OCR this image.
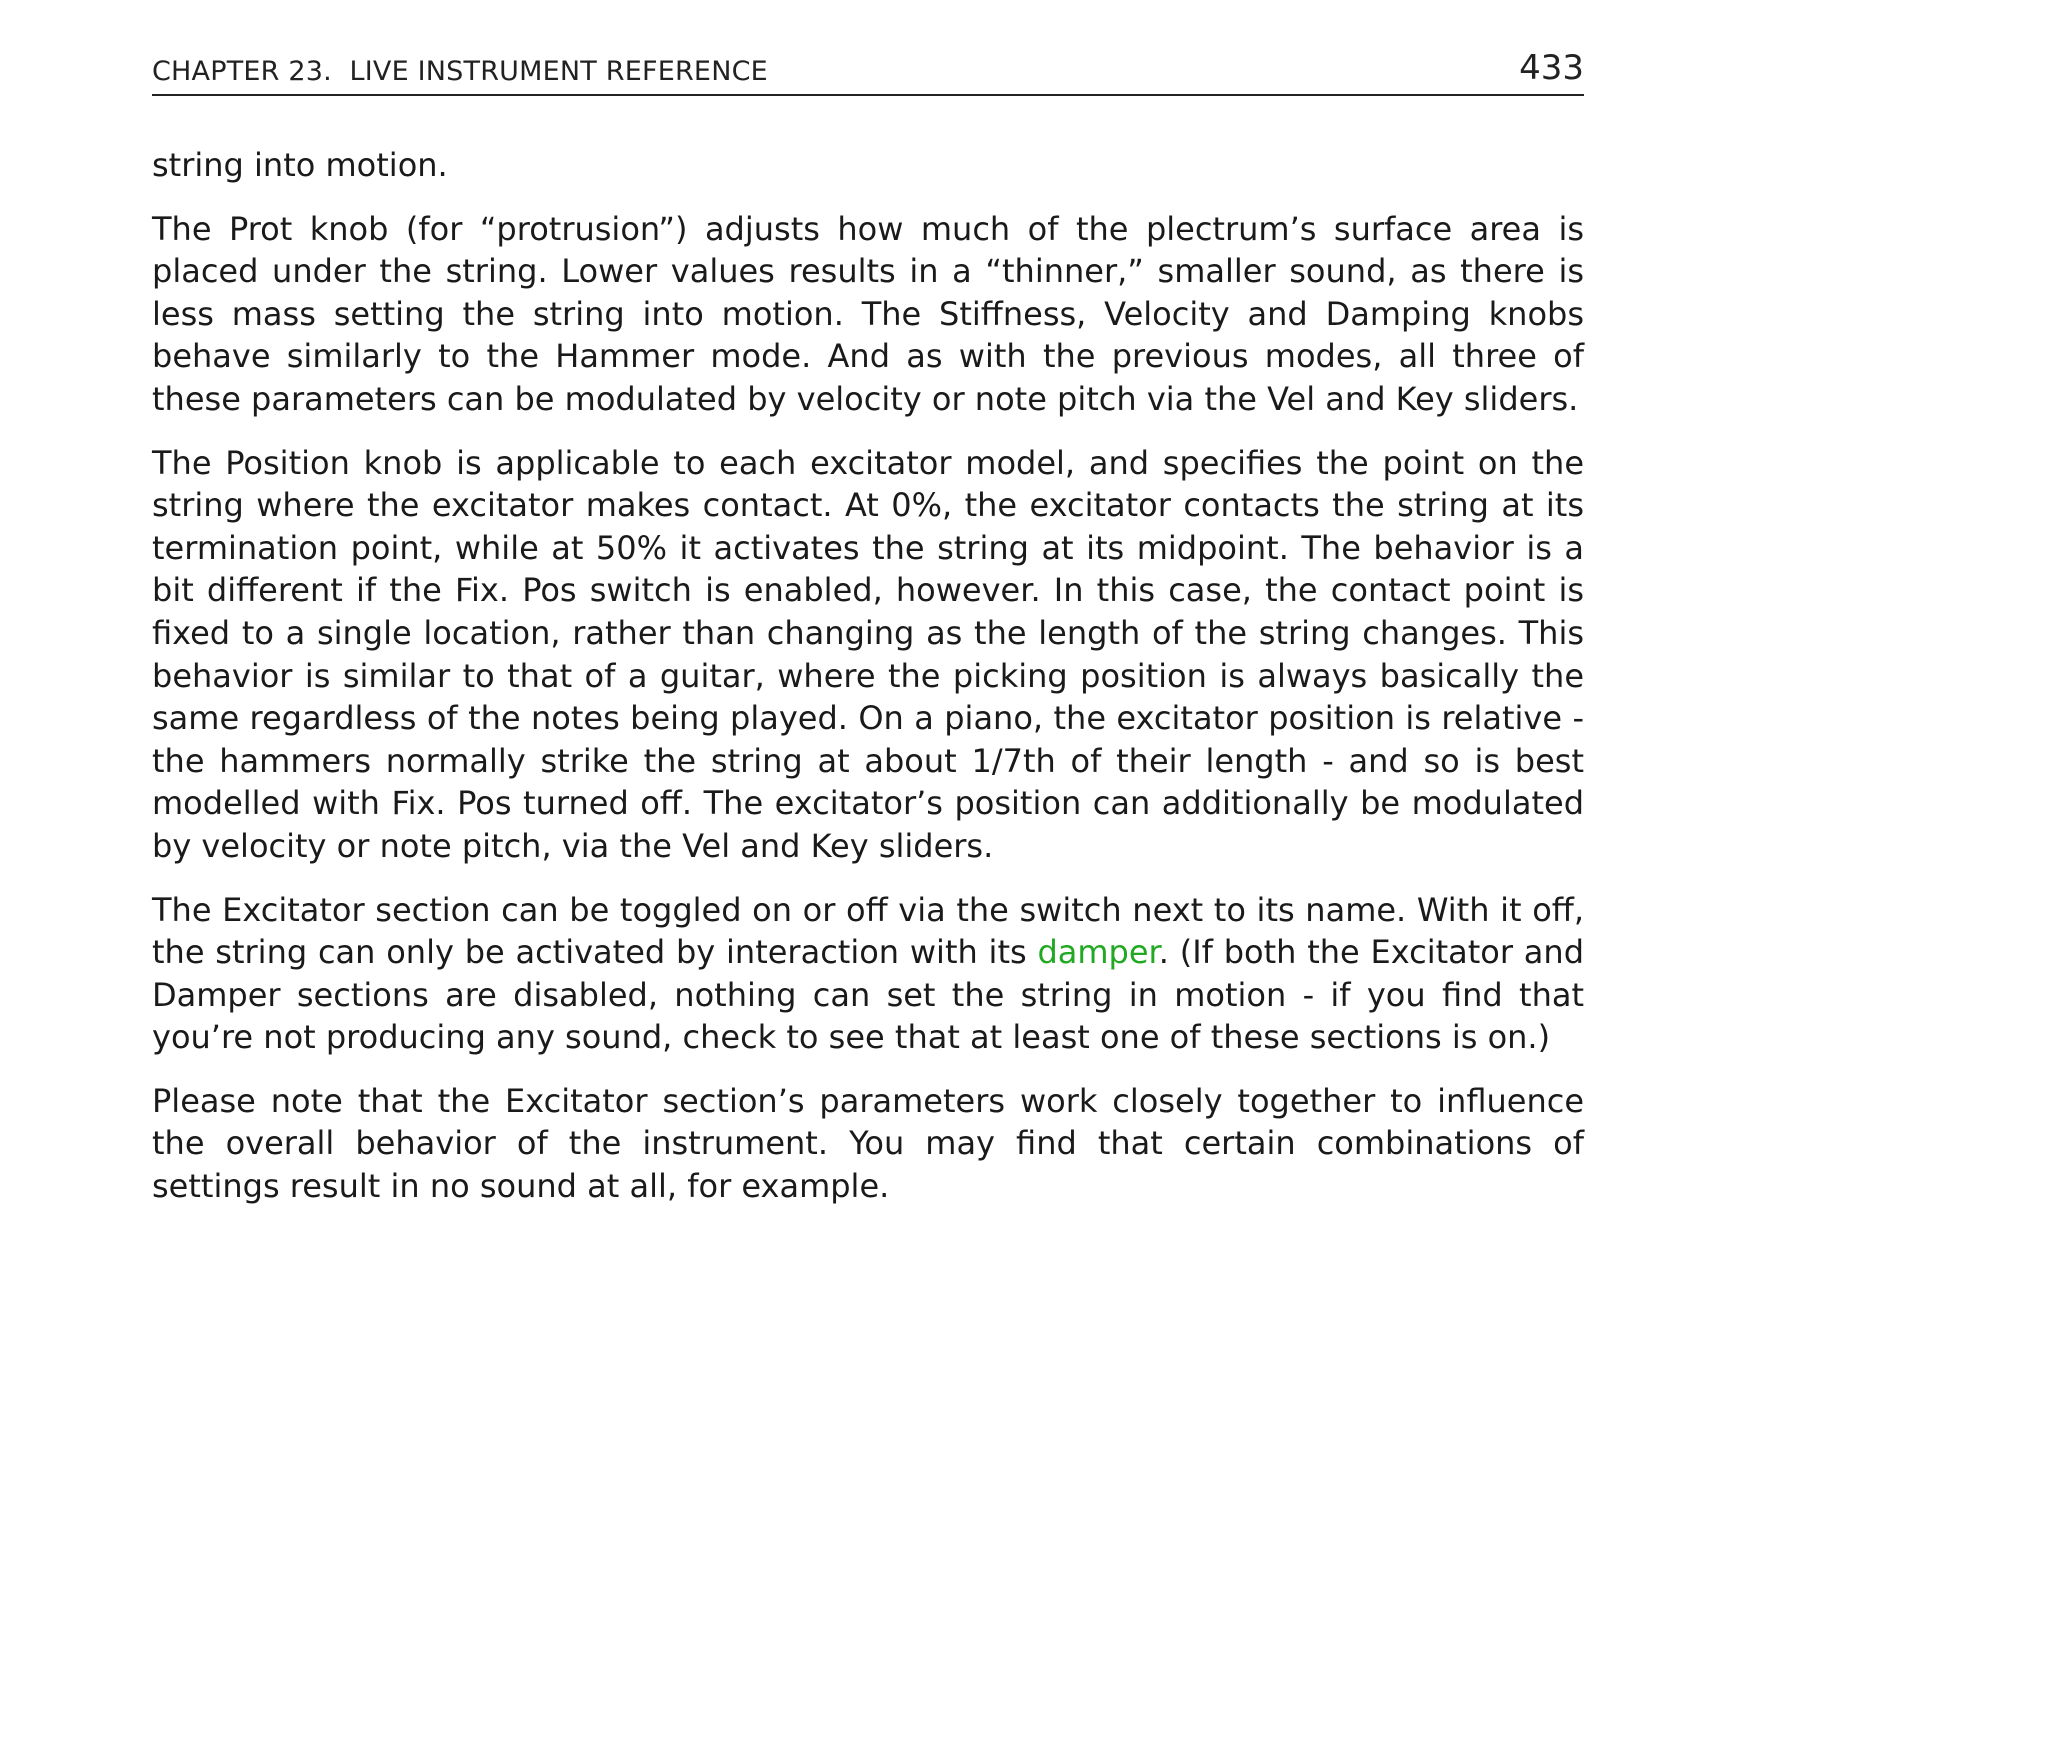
CHAPTER 23.  LIVE INSTRUMENT REFERENCE	433

string into motion.

The Prot knob (for “protrusion”) adjusts how much of the plectrum’s surface area is placed under the string. Lower values results in a “thinner,” smaller sound, as there is less mass setting the string into motion. The Stiffness, Velocity and Damping knobs behave similarly to the Hammer mode. And as with the previous modes, all three of these parameters can be modulated by velocity or note pitch via the Vel and Key sliders.

The Position knob is applicable to each excitator model, and specifies the point on the string where the excitator makes contact. At 0%, the excitator contacts the string at its termination point, while at 50% it activates the string at its midpoint. The behavior is a bit different if the Fix. Pos switch is enabled, however. In this case, the contact point is fixed to a single location, rather than changing as the length of the string changes. This behavior is similar to that of a guitar, where the picking position is always basically the same regardless of the notes being played. On a piano, the excitator position is relative - the hammers normally strike the string at about 1/7th of their length - and so is best modelled with Fix. Pos turned off. The excitator’s position can additionally be modulated by velocity or note pitch, via the Vel and Key sliders.

The Excitator section can be toggled on or off via the switch next to its name. With it off, the string can only be activated by interaction with its damper. (If both the Excitator and Damper sections are disabled, nothing can set the string in motion - if you find that you’re not producing any sound, check to see that at least one of these sections is on.)

Please note that the Excitator section’s parameters work closely together to influence the overall behavior of the instrument. You may find that certain combinations of settings result in no sound at all, for example.
